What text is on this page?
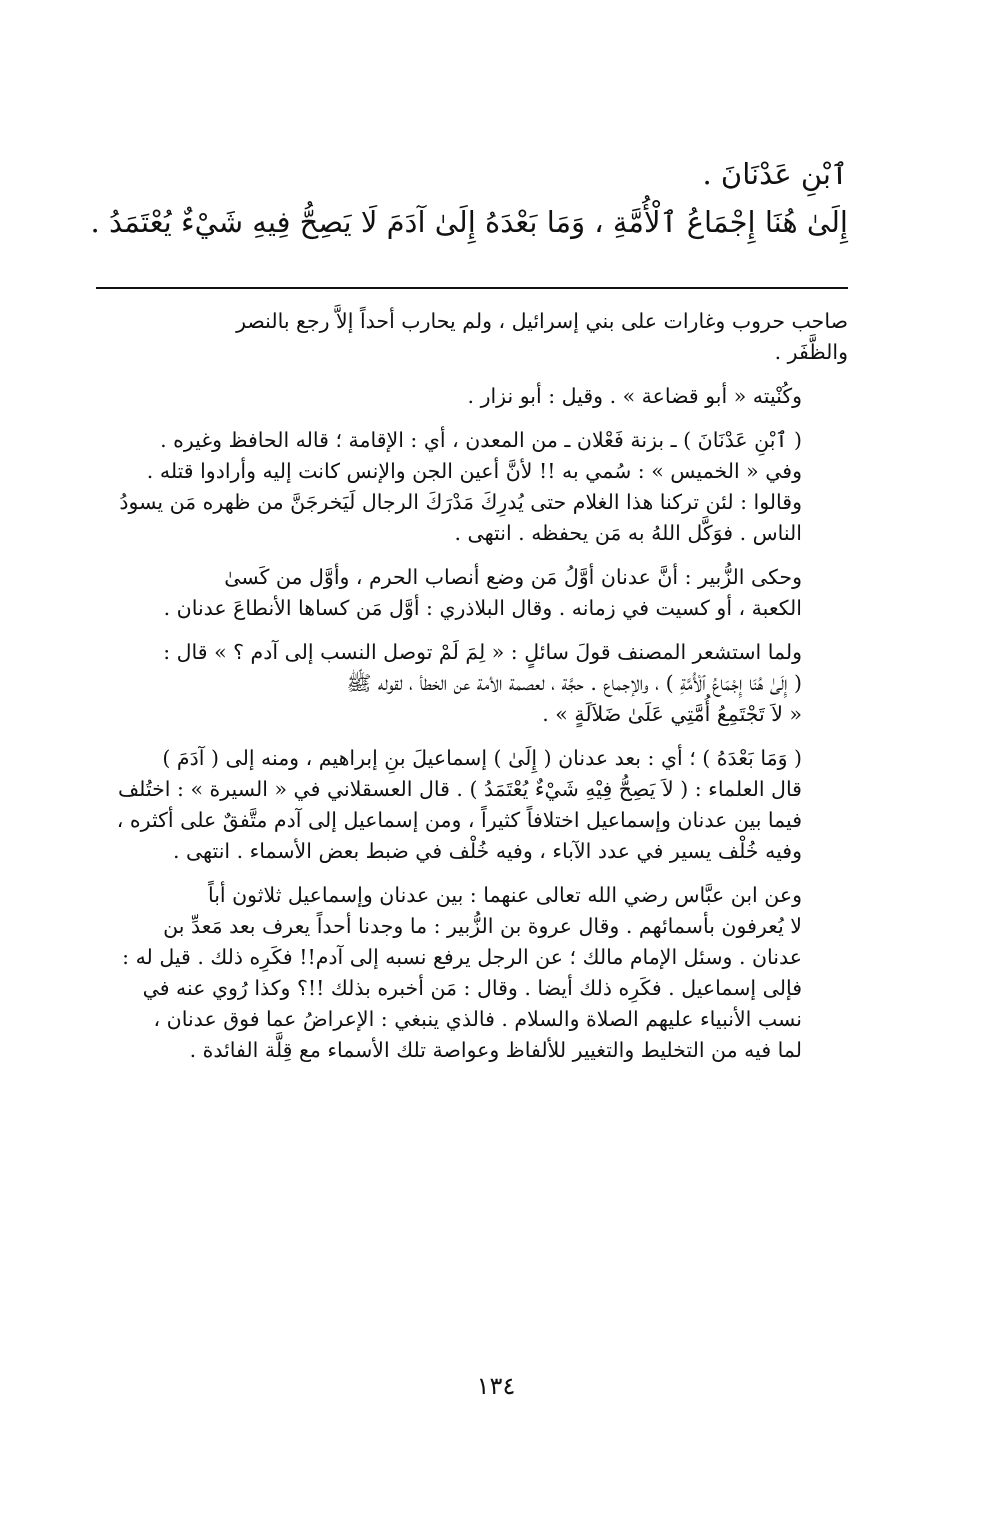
ٱبْنِ عَدْنَانَ .

إِلَىٰ هُنَا إِجْمَاعُ ٱلْأُمَّةِ ، وَمَا بَعْدَهُ إِلَىٰ آدَمَ لَا يَصِحُّ فِيهِ شَيْءٌ يُعْتَمَدُ .

صاحب حروب وغارات على بني إسرائيل ، ولم يحارب أحداً إلاَّ رجع بالنصر
والظَّفَر .

وكُنْيته « أبو قضاعة » . وقيل : أبو نزار .

( ٱبْنِ عَدْنَانَ ) ـ بزنة فَعْلان ـ من المعدن ، أي : الإقامة ؛ قاله الحافظ وغيره .
وفي « الخميس » : سُمي به !! لأنَّ أعين الجن والإنس كانت إليه وأرادوا قتله .
وقالوا : لئن تركنا هذا الغلام حتى يُدرِكَ مَدْرَكَ الرجال لَيَخرجَنَّ من ظهره مَن يسودُ
الناس . فوَكَّل اللهُ به مَن يحفظه . انتهى .

وحكى الزُّبير : أنَّ عدنان أوَّلُ مَن وضع أنصاب الحرم ، وأوَّل من كَسىٰ
الكعبة ، أو كسيت في زمانه . وقال البلاذري : أوَّل مَن كساها الأنطاعَ عدنان .

ولما استشعر المصنف قولَ سائلٍ : « لِمَ لَمْ توصل النسب إلى آدم ؟ » قال :
( إِلَىٰ هُنَا إِجْمَاعُ ٱلْأُمَّةِ ) ، والإجماع . حجَّة ، لعصمة الأمة عن الخطأ ، لقوله ﷺ
« لاَ تَجْتَمِعُ أُمَّتِي عَلَىٰ ضَلاَلَةٍ » .

( وَمَا بَعْدَهُ ) ؛ أي : بعد عدنان ( إِلَىٰ ) إسماعيلَ بنِ إبراهيم ، ومنه إلى ( آدَمَ )
قال العلماء : ( لاَ يَصِحُّ فِيْهِ شَيْءٌ يُعْتَمَدُ ) . قال العسقلاني في « السيرة » : اختُلف
فيما بين عدنان وإسماعيل اختلافاً كثيراً ، ومن إسماعيل إلى آدم متَّفقٌ على أكثره ،
وفيه خُلْف يسير في عدد الآباء ، وفيه خُلْف في ضبط بعض الأسماء . انتهى .

وعن ابن عبَّاس رضي الله تعالى عنهما : بين عدنان وإسماعيل ثلاثون أباً
لا يُعرفون بأسمائهم . وقال عروة بن الزُّبير : ما وجدنا أحداً يعرف بعد مَعدِّ بن
عدنان . وسئل الإمام مالك ؛ عن الرجل يرفع نسبه إلى آدم!! فكَرِه ذلك . قيل له :
فإلى إسماعيل . فكَرِه ذلك أيضا . وقال : مَن أخبره بذلك !!؟ وكذا رُوي عنه في
نسب الأنبياء عليهم الصلاة والسلام . فالذي ينبغي : الإعراضُ عما فوق عدنان ،
لما فيه من التخليط والتغيير للألفاظ وعواصة تلك الأسماء مع قِلَّة الفائدة .

١٣٤
